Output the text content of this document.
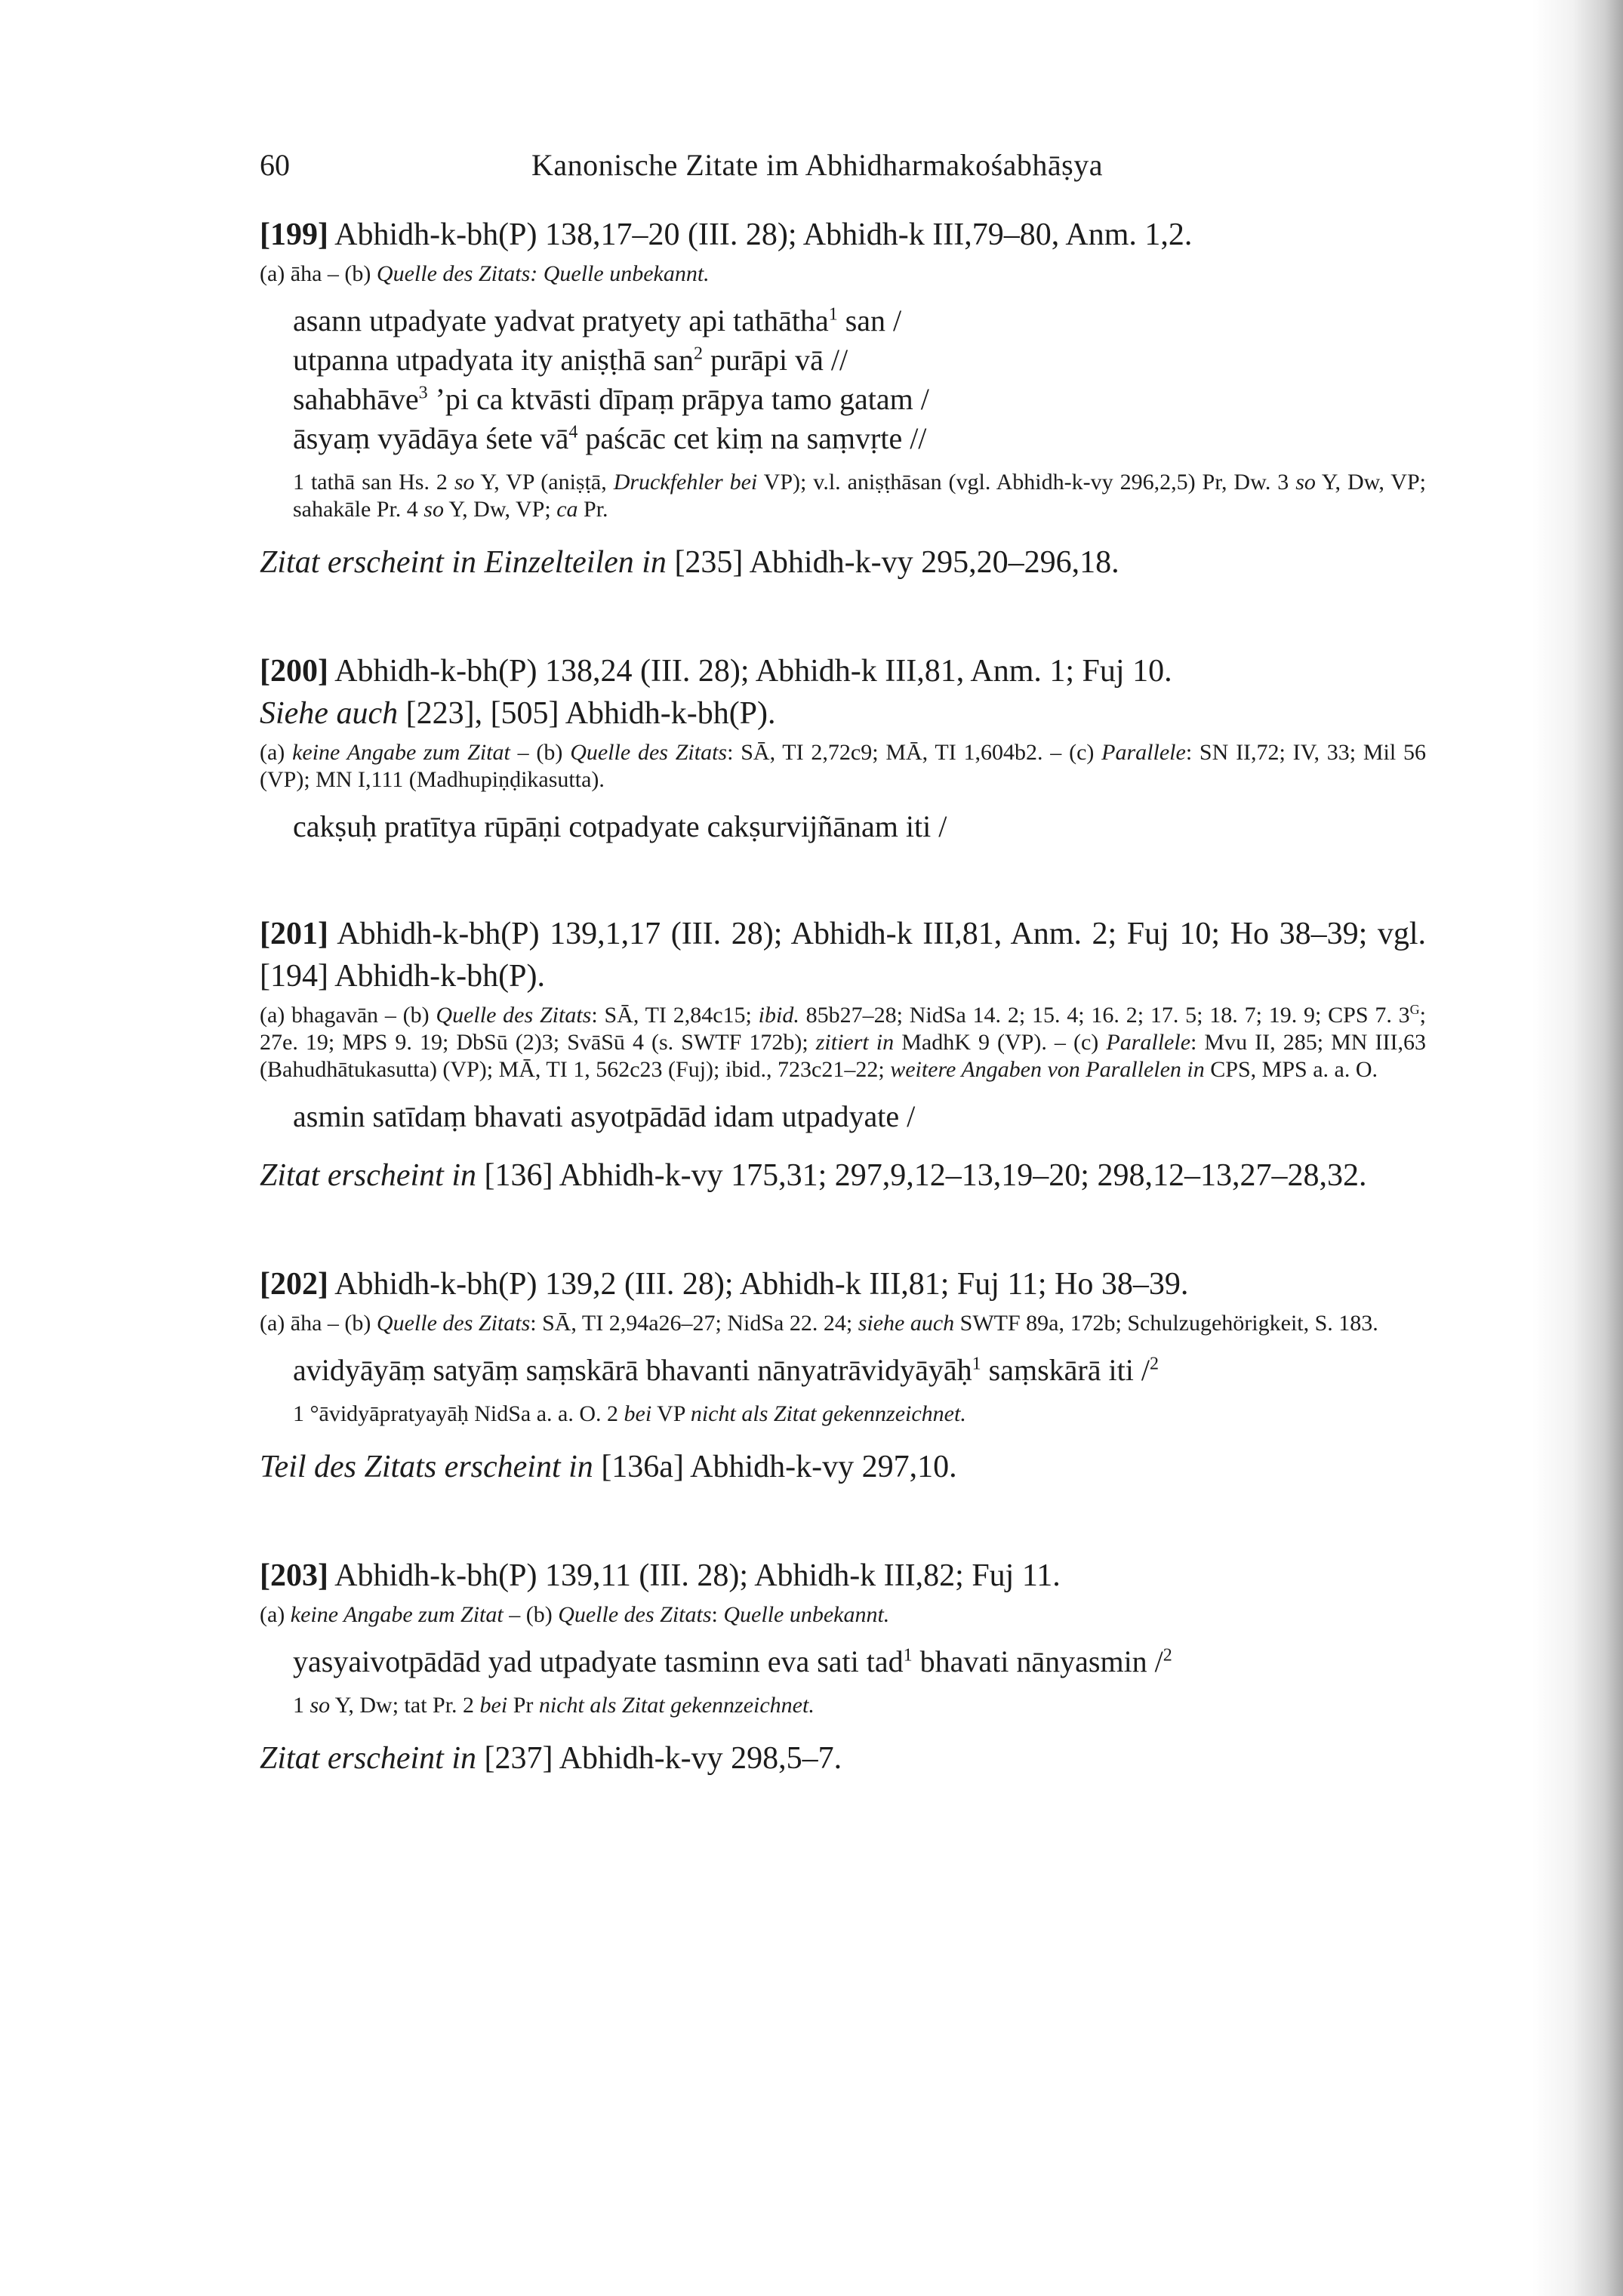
60	Kanonische Zitate im Abhidharmakośabhāṣya
[199] Abhidh-k-bh(P) 138,17–20 (III. 28); Abhidh-k III,79–80, Anm. 1,2.
(a) āha – (b) Quelle des Zitats: Quelle unbekannt.
asann utpadyate yadvat pratyety api tathātha$^1$ san /
utpanna utpadyata ity aniṣṭhā san$^2$ purāpi vā //
sahabhāve$^3$ ’pi ca ktvāsti dīpaṃ prāpya tamo gatam /
āsyaṃ vyādāya śete $vā^4$ paścāc cet kiṃ na saṃvṛte //
1 tathā san Hs. 2 so Y, VP (aniṣṭā, Druckfehler bei VP); v.l. aniṣṭhāsan (vgl. Abhidh-k-vy 296,2,5) Pr, Dw. 3 so Y, Dw, VP; sahakāle Pr. 4 so Y, Dw, VP; ca Pr.
Zitat erscheint in Einzelteilen in [235] Abhidh-k-vy 295,20–296,18.
[200] Abhidh-k-bh(P) 138,24 (III. 28); Abhidh-k III,81, Anm. 1; Fuj 10.
Siehe auch [223], [505] Abhidh-k-bh(P).
(a) keine Angabe zum Zitat – (b) Quelle des Zitats: SĀ, TI 2,72c9; MĀ, TI 1,604b2. – (c) Parallele: SN II,72; IV, 33; Mil 56 (VP); MN I,111 (Madhupiṇḍikasutta).
cakṣuḥ pratītya rūpāṇi cotpadyate cakṣurvijñānam iti /
[201] Abhidh-k-bh(P) 139,1,17 (III. 28); Abhidh-k III,81, Anm. 2; Fuj 10; Ho 38–39; vgl. [194] Abhidh-k-bh(P).
(a) bhagavān – (b) Quelle des Zitats: SĀ, TI 2,84c15; ibid. 85b27–28; NidSa 14. 2; 15. 4; 16. 2; 17. 5; 18. 7; 19. 9; CPS 7. $3^G$; 27e. 19; MPS 9. 19; DbSū (2)3; SvāSū 4 (s. SWTF 172b); zitiert in MadhK 9 (VP). – (c) Parallele: Mvu II, 285; MN III,63 (Bahudhātukasutta) (VP); MĀ, TI 1, 562c23 (Fuj); ibid., 723c21–22; weitere Angaben von Parallelen in CPS, MPS a. a. O.
asmin satīdaṃ bhavati asyotpādād idam utpadyate /
Zitat erscheint in [136] Abhidh-k-vy 175,31; 297,9,12–13,19–20; 298,12–13,27–28,32.
[202] Abhidh-k-bh(P) 139,2 (III. 28); Abhidh-k III,81; Fuj 11; Ho 38–39.
(a) āha – (b) Quelle des Zitats: SĀ, TI 2,94a26–27; NidSa 22. 24; siehe auch SWTF 89a, 172b; Schulzugehörigkeit, S. 183.
avidyāyāṃ satyāṃ saṃskārā bhavanti nānyatrāvidyāyāḥ$^1$ saṃskārā iti /$^2$
1 °āvidyāpratyayāḥ NidSa a. a. O. 2 bei VP nicht als Zitat gekennzeichnet.
Teil des Zitats erscheint in [136a] Abhidh-k-vy 297,10.
[203] Abhidh-k-bh(P) 139,11 (III. 28); Abhidh-k III,82; Fuj 11.
(a) keine Angabe zum Zitat – (b) Quelle des Zitats: Quelle unbekannt.
yasyaivotpādād yad utpadyate tasminn eva sati tad$^1$ bhavati nānyasmin /$^2$
1 so Y, Dw; tat Pr. 2 bei Pr nicht als Zitat gekennzeichnet.
Zitat erscheint in [237] Abhidh-k-vy 298,5–7.
